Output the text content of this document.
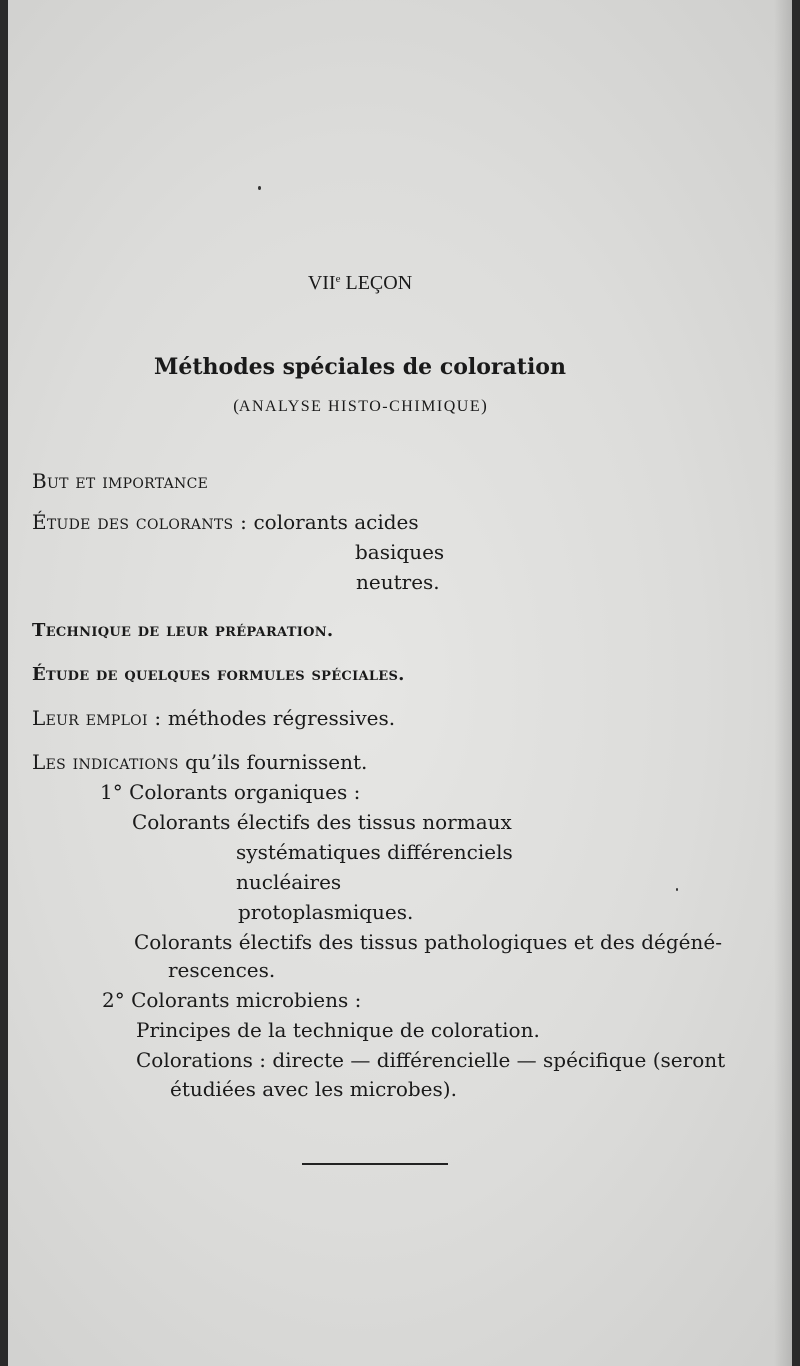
VIIe LEÇON
Méthodes spéciales de coloration
(ANALYSE HISTO-CHIMIQUE)
But et importance
Étude des colorants : colorants acides
basiques
neutres.
Technique de leur préparation.
Étude de quelques formules spéciales.
Leur emploi : méthodes régressives.
Les indications qu’ils fournissent.
1° Colorants organiques :
Colorants électifs des tissus normaux
systématiques différenciels
nucléaires
protoplasmiques.
Colorants électifs des tissus pathologiques et des dégéné-
rescences.
2° Colorants microbiens :
Principes de la technique de coloration.
Colorations : directe — différencielle — spécifique (seront
étudiées avec les microbes).
